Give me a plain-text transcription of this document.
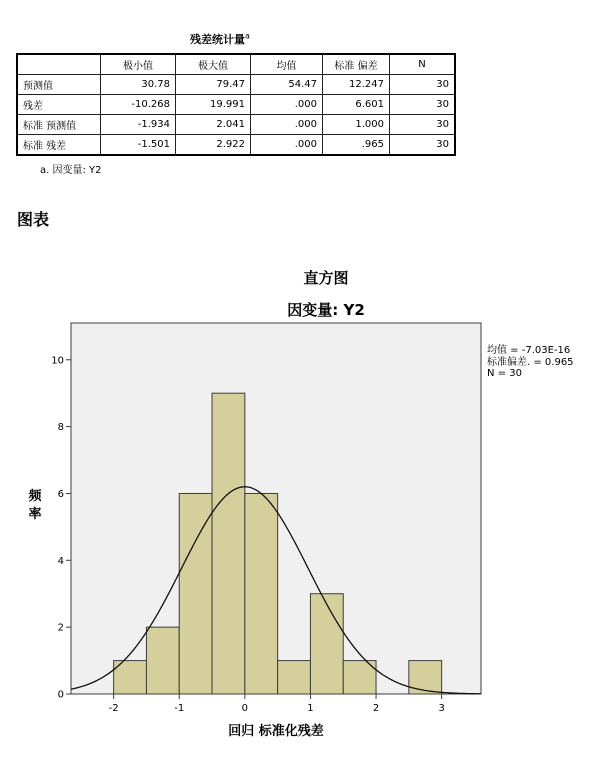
残差统计量$^a$
	极小值	极大值	均值	标准 偏差	N
预测值	30.78	79.47	54.47	12.247	30
残差	-10.268	19.991	.000	6.601	30
标准 预测值	-1.934	2.041	.000	1.000	30
标准 残差	-1.501	2.922	.000	.965	30
a. 因变量: Y2
图表
直方图
因变量: Y2
0
2
4
6
8
10
-2	-1	0	1	2	3
频
率
回归 标准化残差
均值 = -7.03E-16
标准偏差. = 0.965
N = 30
